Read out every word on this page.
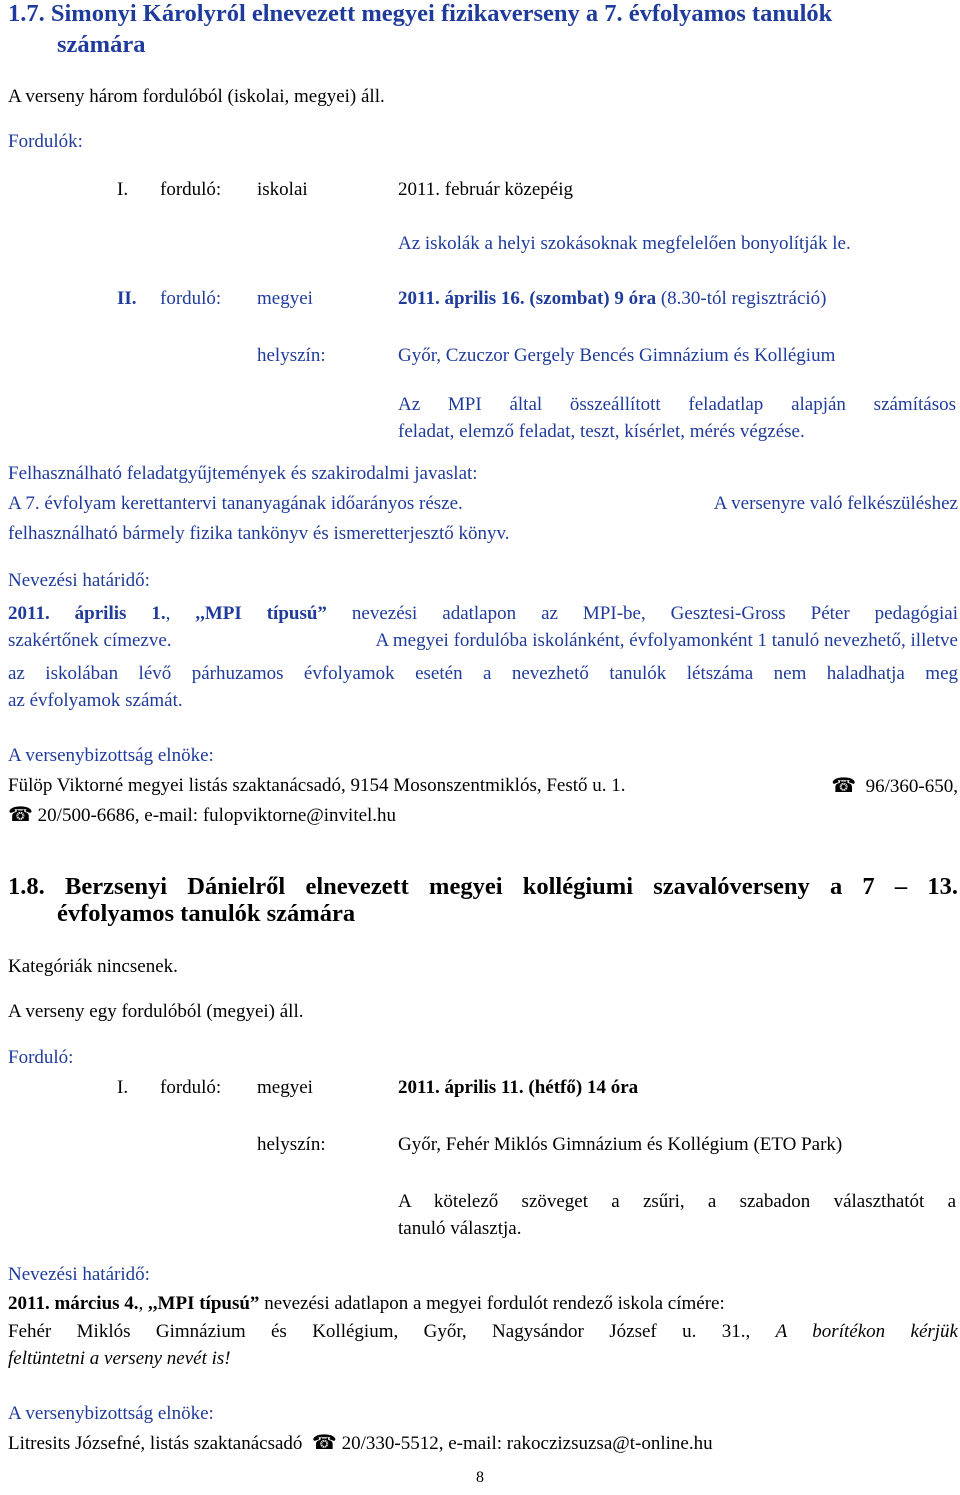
1.7. Simonyi Károlyról elnevezett megyei fizikaverseny a 7. évfolyamos tanulók
számára
A verseny három fordulóból (iskolai, megyei) áll.
Fordulók:
I. forduló: iskolai	2011. február közepéig
Az iskolák a helyi szokásoknak megfelelően bonyolítják le.
II. forduló: megyei	2011. április 16. (szombat) 9 óra (8.30-tól regisztráció)
helyszín:	Győr, Czuczor Gergely Bencés Gimnázium és Kollégium
Az MPI által összeállított feladatlap alapján számításos
feladat, elemző feladat, teszt, kísérlet, mérés végzése.
Felhasználható feladatgyűjtemények és szakirodalmi javaslat:
A 7. évfolyam kerettantervi tananyagának időarányos része.	A versenyre való felkészüléshez
felhasználható bármely fizika tankönyv és ismeretterjesztő könyv.
Nevezési határidő:
2011. április 1., ,,MPI típusú” nevezési adatlapon az MPI-be, Gesztesi-Gross Péter pedagógiai
szakértőnek címezve.	A megyei fordulóba iskolánként, évfolyamonként 1 tanuló nevezhető, illetve
az iskolában lévő párhuzamos évfolyamok esetén a nevezhető tanulók létszáma nem haladhatja meg
az évfolyamok számát.
A versenybizottság elnöke:
Fülöp Viktorné megyei listás szaktanácsadó, 9154 Mosonszentmiklós, Festő u. 1.	☎ 96/360-650,
☎ 20/500-6686, e-mail: fulopviktorne@invitel.hu
1.8. Berzsenyi Dánielről elnevezett megyei kollégiumi szavalóverseny a 7 – 13.
évfolyamos tanulók számára
Kategóriák nincsenek.
A verseny egy fordulóból (megyei) áll.
Forduló:
I. forduló: megyei	2011. április 11. (hétfő) 14 óra
helyszín:	Győr, Fehér Miklós Gimnázium és Kollégium (ETO Park)
A kötelező szöveget a zsűri, a szabadon választhatót a
tanuló választja.
Nevezési határidő:
2011. március 4., ,,MPI típusú” nevezési adatlapon a megyei fordulót rendező iskola címére:
Fehér Miklós Gimnázium és Kollégium, Győr, Nagysándor József u. 31., A borítékon kérjük
feltüntetni a verseny nevét is!
A versenybizottság elnöke:
Litresits Józsefné, listás szaktanácsadó ☎ 20/330-5512, e-mail: rakoczizsuzsa@t-online.hu
8
